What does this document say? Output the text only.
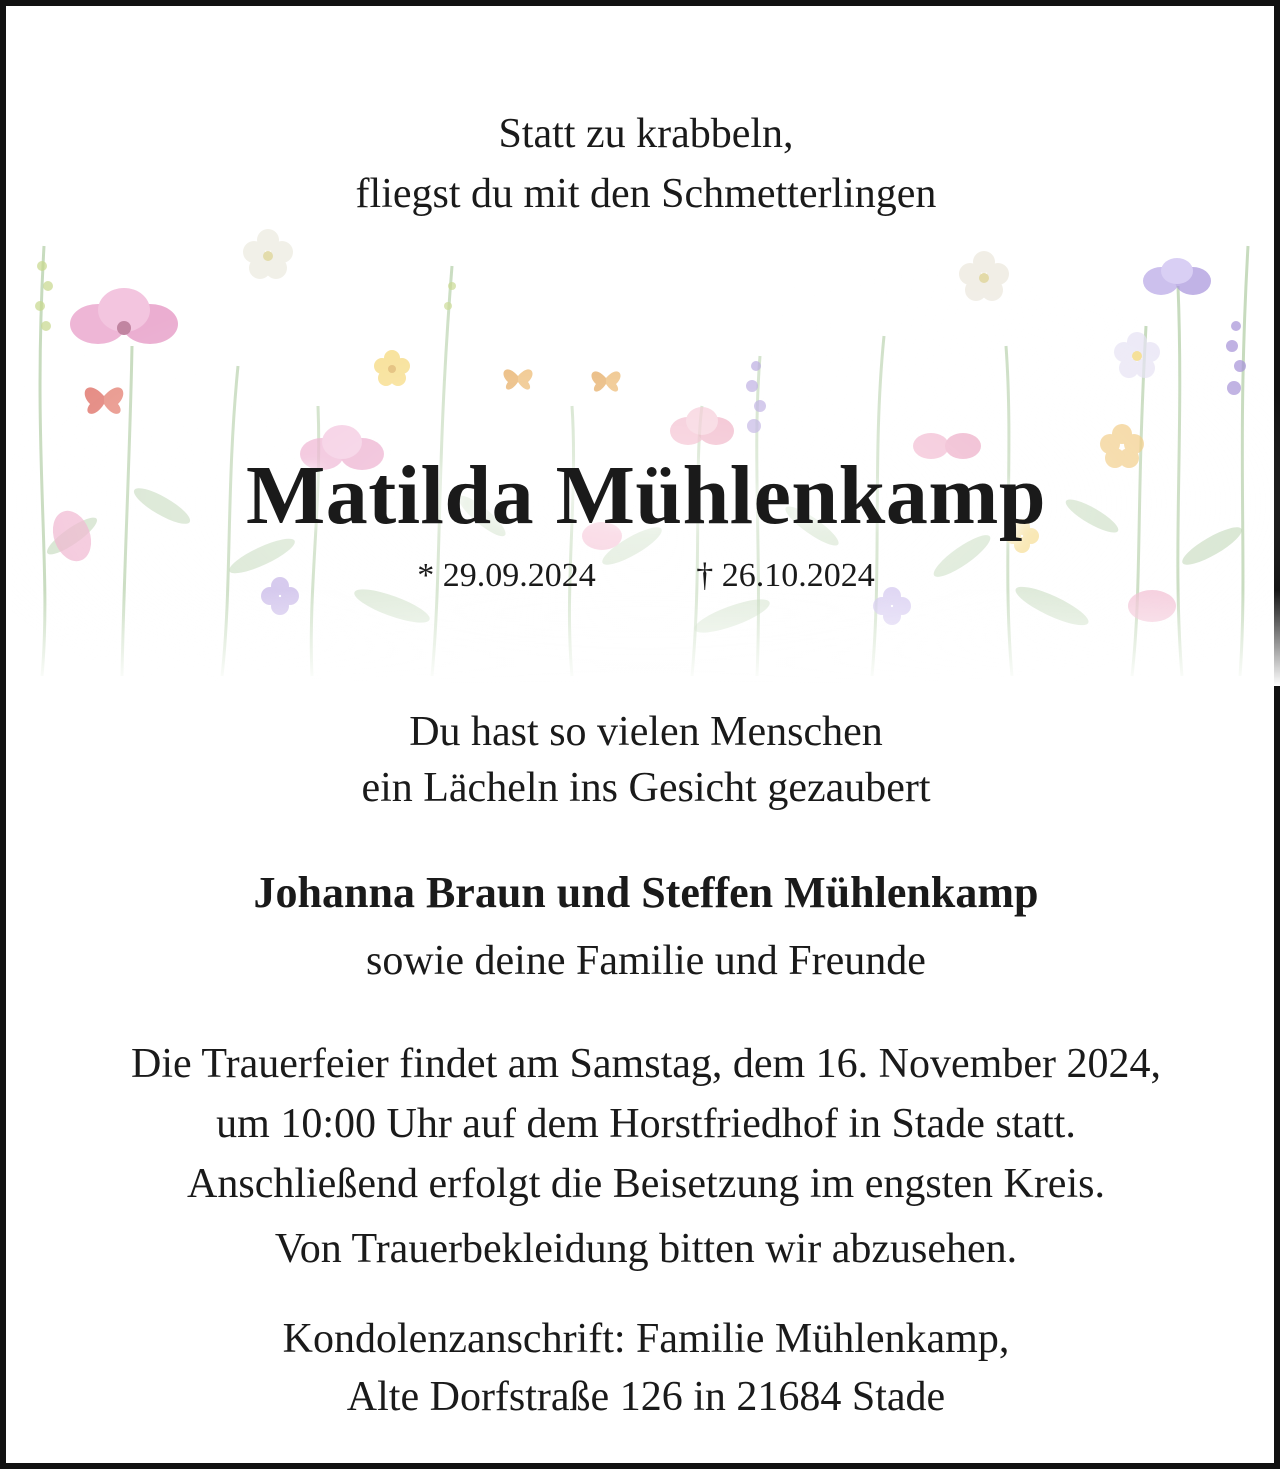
Statt zu krabbeln,
fliegst du mit den Schmetterlingen
Matilda Mühlenkamp
* 29.09.2024	† 26.10.2024
Du hast so vielen Menschen
ein Lächeln ins Gesicht gezaubert
Johanna Braun und Steffen Mühlenkamp
sowie deine Familie und Freunde
Die Trauerfeier findet am Samstag, dem 16. November 2024,
um 10:00 Uhr auf dem Horstfriedhof in Stade statt.
Anschließend erfolgt die Beisetzung im engsten Kreis.
Von Trauerbekleidung bitten wir abzusehen.
Kondolenzanschrift: Familie Mühlenkamp,
Alte Dorfstraße 126 in 21684 Stade
